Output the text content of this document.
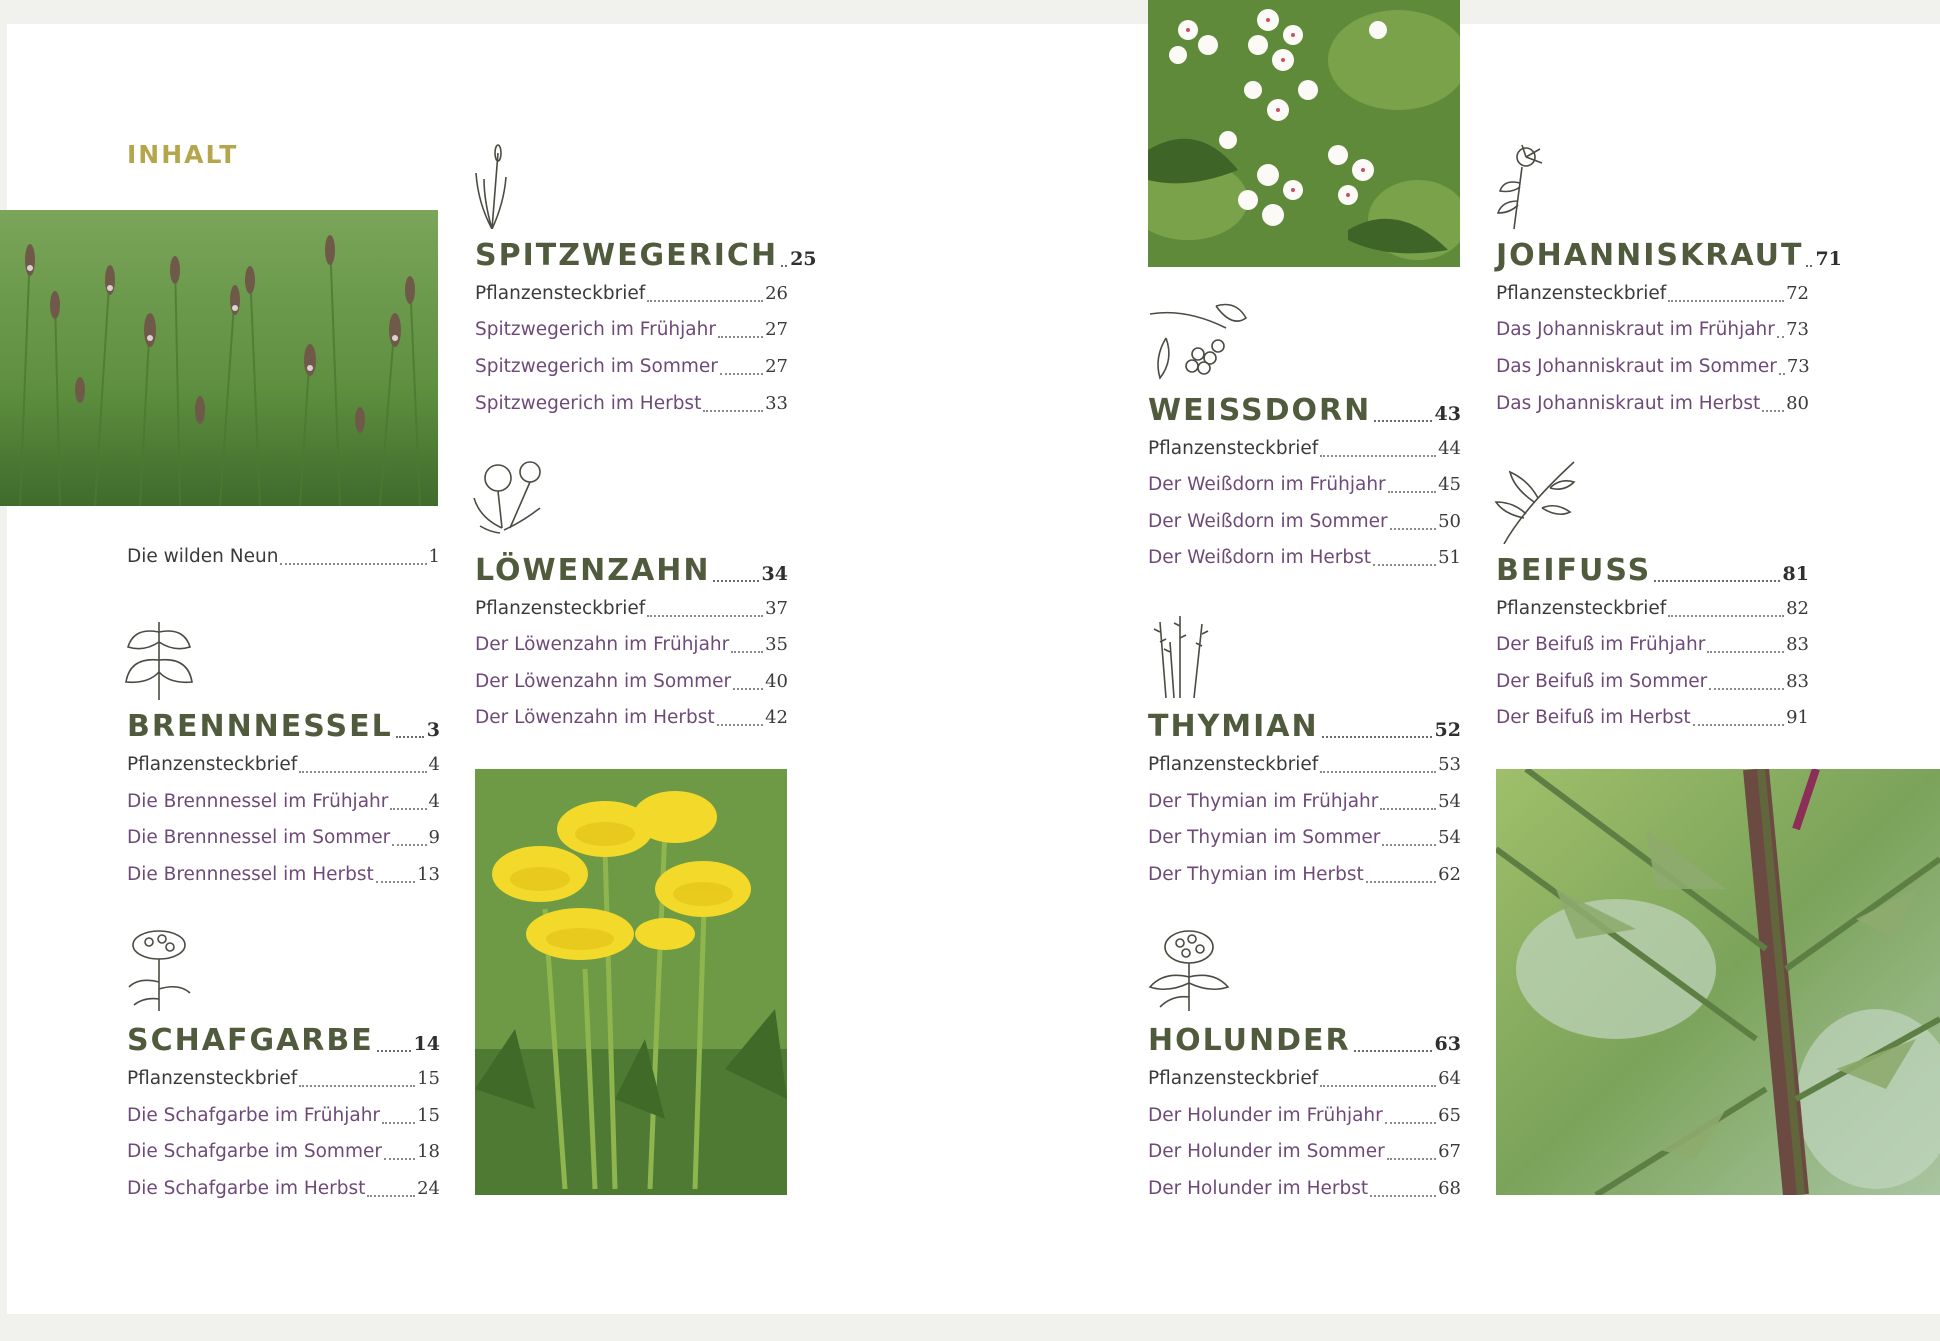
INHALT
Die wilden Neun	1
BRENNNESSEL 3
Pflanzensteckbrief	4
Die Brennnessel im Frühjahr 4
Die Brennnessel im Sommer 9
Die Brennnessel im Herbst 13
SCHAFGARBE 14
Pflanzensteckbrief	15
Die Schafgarbe im Frühjahr 15
Die Schafgarbe im Sommer 18
Die Schafgarbe im Herbst	24
SPITZWEGERICH 25
Pflanzensteckbrief	26
Spitzwegerich im Frühjahr	27
Spitzwegerich im Sommer	27
Spitzwegerich im Herbst	33
LÖWENZAHN	34
Pflanzensteckbrief	37
Der Löwenzahn im Frühjahr 35
Der Löwenzahn im Sommer 40
Der Löwenzahn im Herbst	42
WEISSDORN	43
Pflanzensteckbrief	44
Der Weißdorn im Frühjahr	45
Der Weißdorn im Sommer	50
Der Weißdorn im Herbst	51
THYMIAN	52
Pflanzensteckbrief	53
Der Thymian im Frühjahr	54
Der Thymian im Sommer	54
Der Thymian im Herbst	62
HOLUNDER	63
Pflanzensteckbrief	64
Der Holunder im Frühjahr	65
Der Holunder im Sommer	67
Der Holunder im Herbst	68
JOHANNISKRAUT 71
Pflanzensteckbrief	72
Das Johanniskraut im Frühjahr 73
Das Johanniskraut im Sommer 73
Das Johanniskraut im Herbst 80
BEIFUSS	81
Pflanzensteckbrief	82
Der Beifuß im Frühjahr	83
Der Beifuß im Sommer	83
Der Beifuß im Herbst	91
